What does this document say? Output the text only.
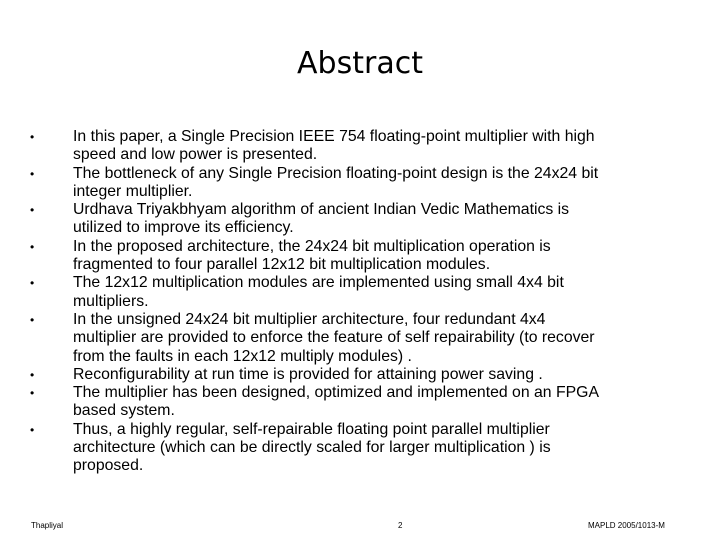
Abstract
•	In this paper, a Single Precision IEEE 754 floating-point multiplier with high
speed and low power is presented.
•	The bottleneck of any Single Precision floating-point design is the 24x24 bit
integer multiplier.
•	Urdhava Triyakbhyam algorithm of ancient Indian Vedic Mathematics is
utilized to improve its efficiency.
•	In the proposed architecture, the 24x24 bit multiplication operation is
fragmented to four parallel 12x12 bit multiplication modules.
•	The 12x12 multiplication modules are implemented using small 4x4 bit
multipliers.
•	In the unsigned 24x24 bit multiplier architecture, four redundant 4x4
multiplier are provided to enforce the feature of self repairability (to recover
from the faults in each 12x12 multiply modules) .
•	Reconfigurability at run time is provided for attaining power saving .
•	The multiplier has been designed, optimized and implemented on an FPGA
based system.
•	Thus, a highly regular, self-repairable floating point parallel multiplier
architecture (which can be directly scaled for larger multiplication ) is
proposed.
Thapliyal	2	MAPLD 2005/1013-M
